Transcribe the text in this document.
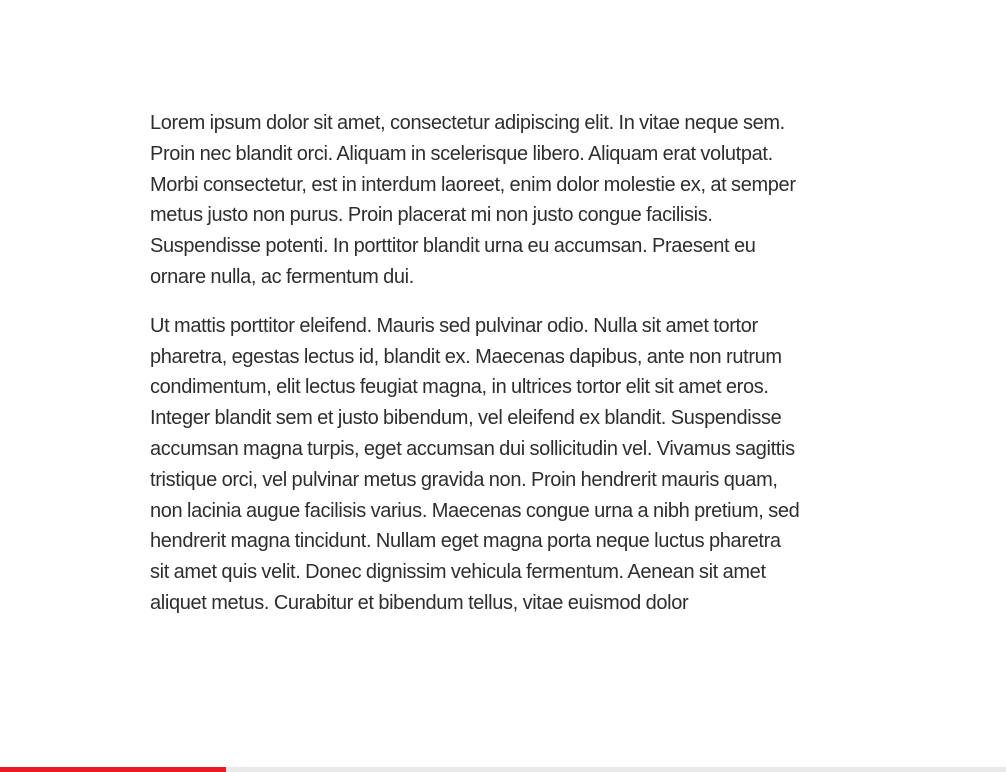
Lorem ipsum dolor sit amet, consectetur adipiscing elit. In vitae neque sem. Proin nec blandit orci. Aliquam in scelerisque libero. Aliquam erat volutpat. Morbi consectetur, est in interdum laoreet, enim dolor molestie ex, at semper metus justo non purus. Proin placerat mi non justo congue facilisis. Suspendisse potenti. In porttitor blandit urna eu accumsan. Praesent eu ornare nulla, ac fermentum dui.

Ut mattis porttitor eleifend. Mauris sed pulvinar odio. Nulla sit amet tortor pharetra, egestas lectus id, blandit ex. Maecenas dapibus, ante non rutrum condimentum, elit lectus feugiat magna, in ultrices tortor elit sit amet eros. Integer blandit sem et justo bibendum, vel eleifend ex blandit. Suspendisse accumsan magna turpis, eget accumsan dui sollicitudin vel. Vivamus sagittis tristique orci, vel pulvinar metus gravida non. Proin hendrerit mauris quam, non lacinia augue facilisis varius. Maecenas congue urna a nibh pretium, sed hendrerit magna tincidunt. Nullam eget magna porta neque luctus pharetra sit amet quis velit. Donec dignissim vehicula fermentum. Aenean sit amet aliquet metus. Curabitur et bibendum tellus, vitae euismod dolor
